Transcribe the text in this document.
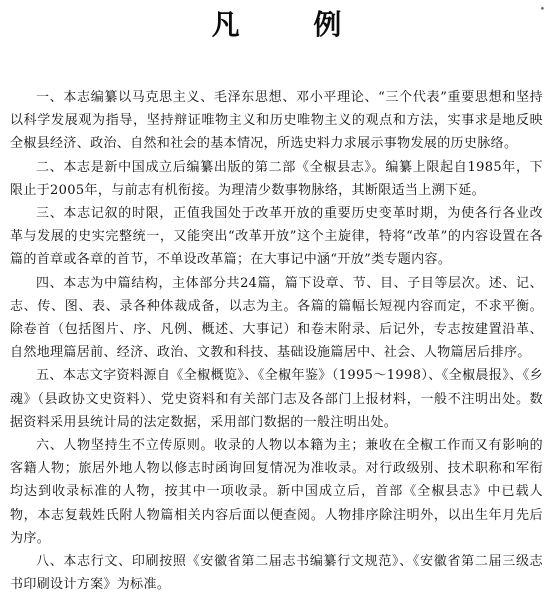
凡 例	•

一、本志编纂以马克思主义、毛泽东思想、邓小平理论、“三个代表”重要思想和坚持以科学发展观为指导，坚持辩证唯物主义和历史唯物主义的观点和方法，实事求是地反映全椒县经济、政治、自然和社会的基本情况，所选史料力求展示事物发展的历史脉络。

二、本志是新中国成立后编纂出版的第二部《全椒县志》。编纂上限起自1985年，下限止于2005年，与前志有机衔接。为理清少数事物脉络，其断限适当上溯下延。

三、本志记叙的时限，正值我国处于改革开放的重要历史变革时期，为使各行各业改革与发展的史实完整统一，又能突出“改革开放”这个主旋律，特将“改革”的内容设置在各篇的首章或各章的首节，不单设改革篇；在大事记中涵“开放”类专题内容。

四、本志为中篇结构，主体部分共24篇，篇下设章、节、目、子目等层次。述、记、志、传、图、表、录各种体裁成备，以志为主。各篇的篇幅长短视内容而定，不求平衡。除卷首（包括图片、序、凡例、概述、大事记）和卷末附录、后记外，专志按建置沿革、自然地理篇居前、经济、政治、文教和科技、基础设施篇居中、社会、人物篇居后排序。

五、本志文字资料源自《全椒概览》、《全椒年鉴》（1995～1998）、《全椒晨报》、《乡魂》（县政协文史资料）、党史资料和有关部门志及各部门上报材料，一般不注明出处。数据资料采用县统计局的法定数据，采用部门数据的一般注明出处。

六、人物坚持生不立传原则。收录的人物以本籍为主；兼收在全椒工作而又有影响的客籍人物；旅居外地人物以修志时函询回复情况为准收录。对行政级别、技术职称和军衔均达到收录标准的人物，按其中一项收录。新中国成立后，首部《全椒县志》中已载人物，本志复载姓氏附人物篇相关内容后面以便查阅。人物排序除注明外，以出生年月先后为序。

八、本志行文、印刷按照《安徽省第二届志书编纂行文规范》、《安徽省第二届三级志书印刷设计方案》为标准。
